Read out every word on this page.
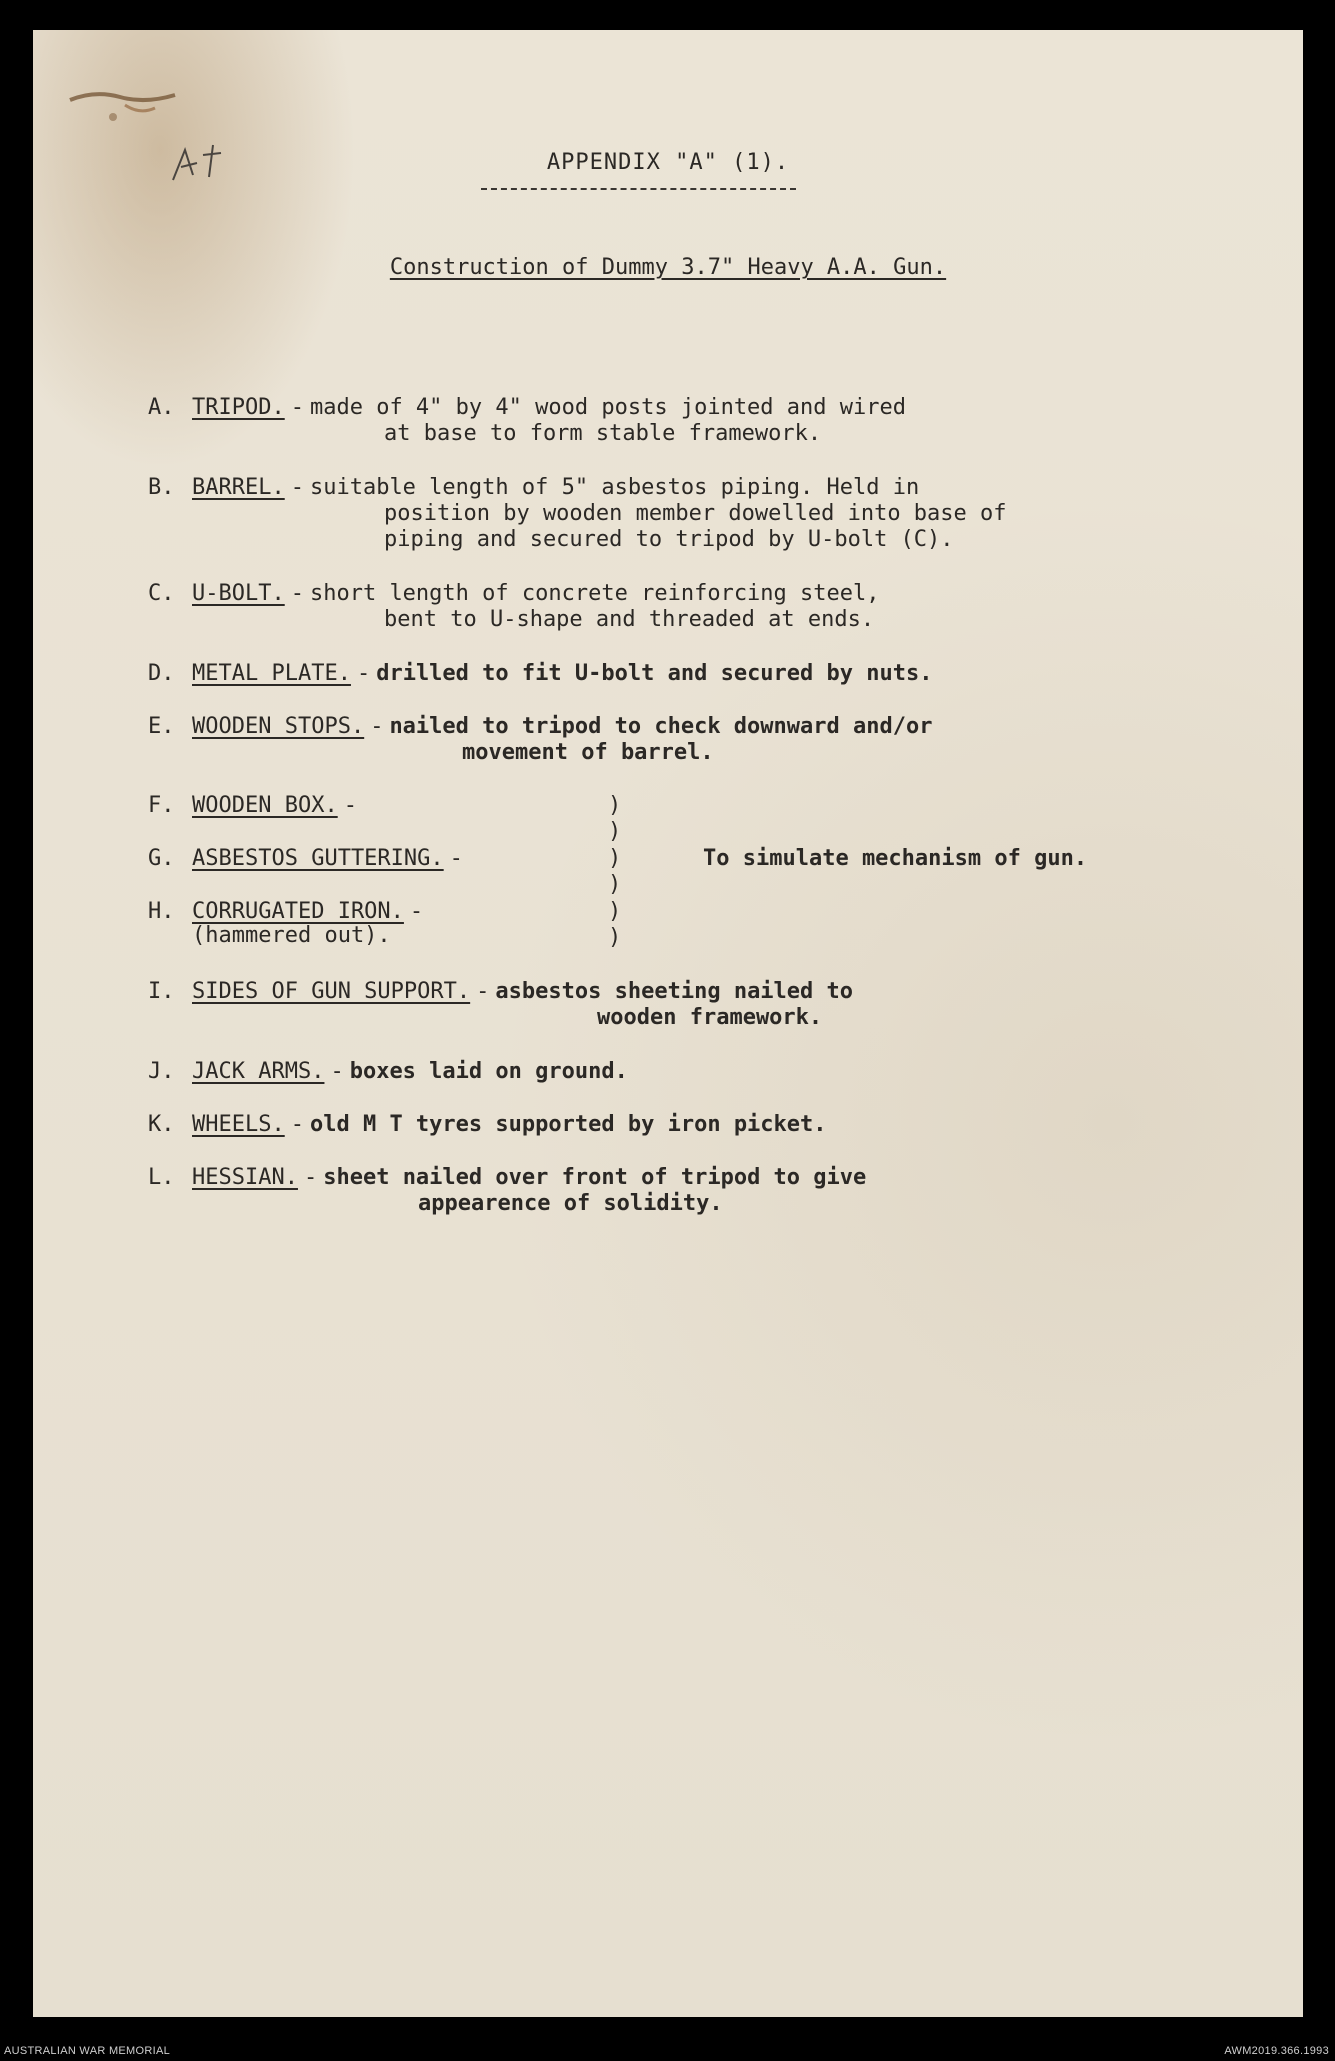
APPENDIX "A" (1).
Construction of Dummy 3.7" Heavy A.A. Gun.
A. TRIPOD. - made of 4" by 4" wood posts jointed and wired
at base to form stable framework.
B. BARREL. - suitable length of 5" asbestos piping. Held in
position by wooden member dowelled into base of
piping and secured to tripod by U-bolt (C).
C. U-BOLT. - short length of concrete reinforcing steel,
bent to U-shape and threaded at ends.
D. METAL PLATE. - drilled to fit U-bolt and secured by nuts.
E. WOODEN STOPS. - nailed to tripod to check downward and/or
movement of barrel.
F. WOODEN BOX. -
G. ASBESTOS GUTTERING. -
H. CORRUGATED IRON. -
(hammered out).
)
)
)
)
)
)
To simulate mechanism of gun.
I. SIDES OF GUN SUPPORT. - asbestos sheeting nailed to
wooden framework.
J. JACK ARMS. - boxes laid on ground.
K. WHEELS. - old M T tyres supported by iron picket.
L. HESSIAN. - sheet nailed over front of tripod to give
appearence of solidity.
AUSTRALIAN WAR MEMORIAL	AWM2019.366.1993
